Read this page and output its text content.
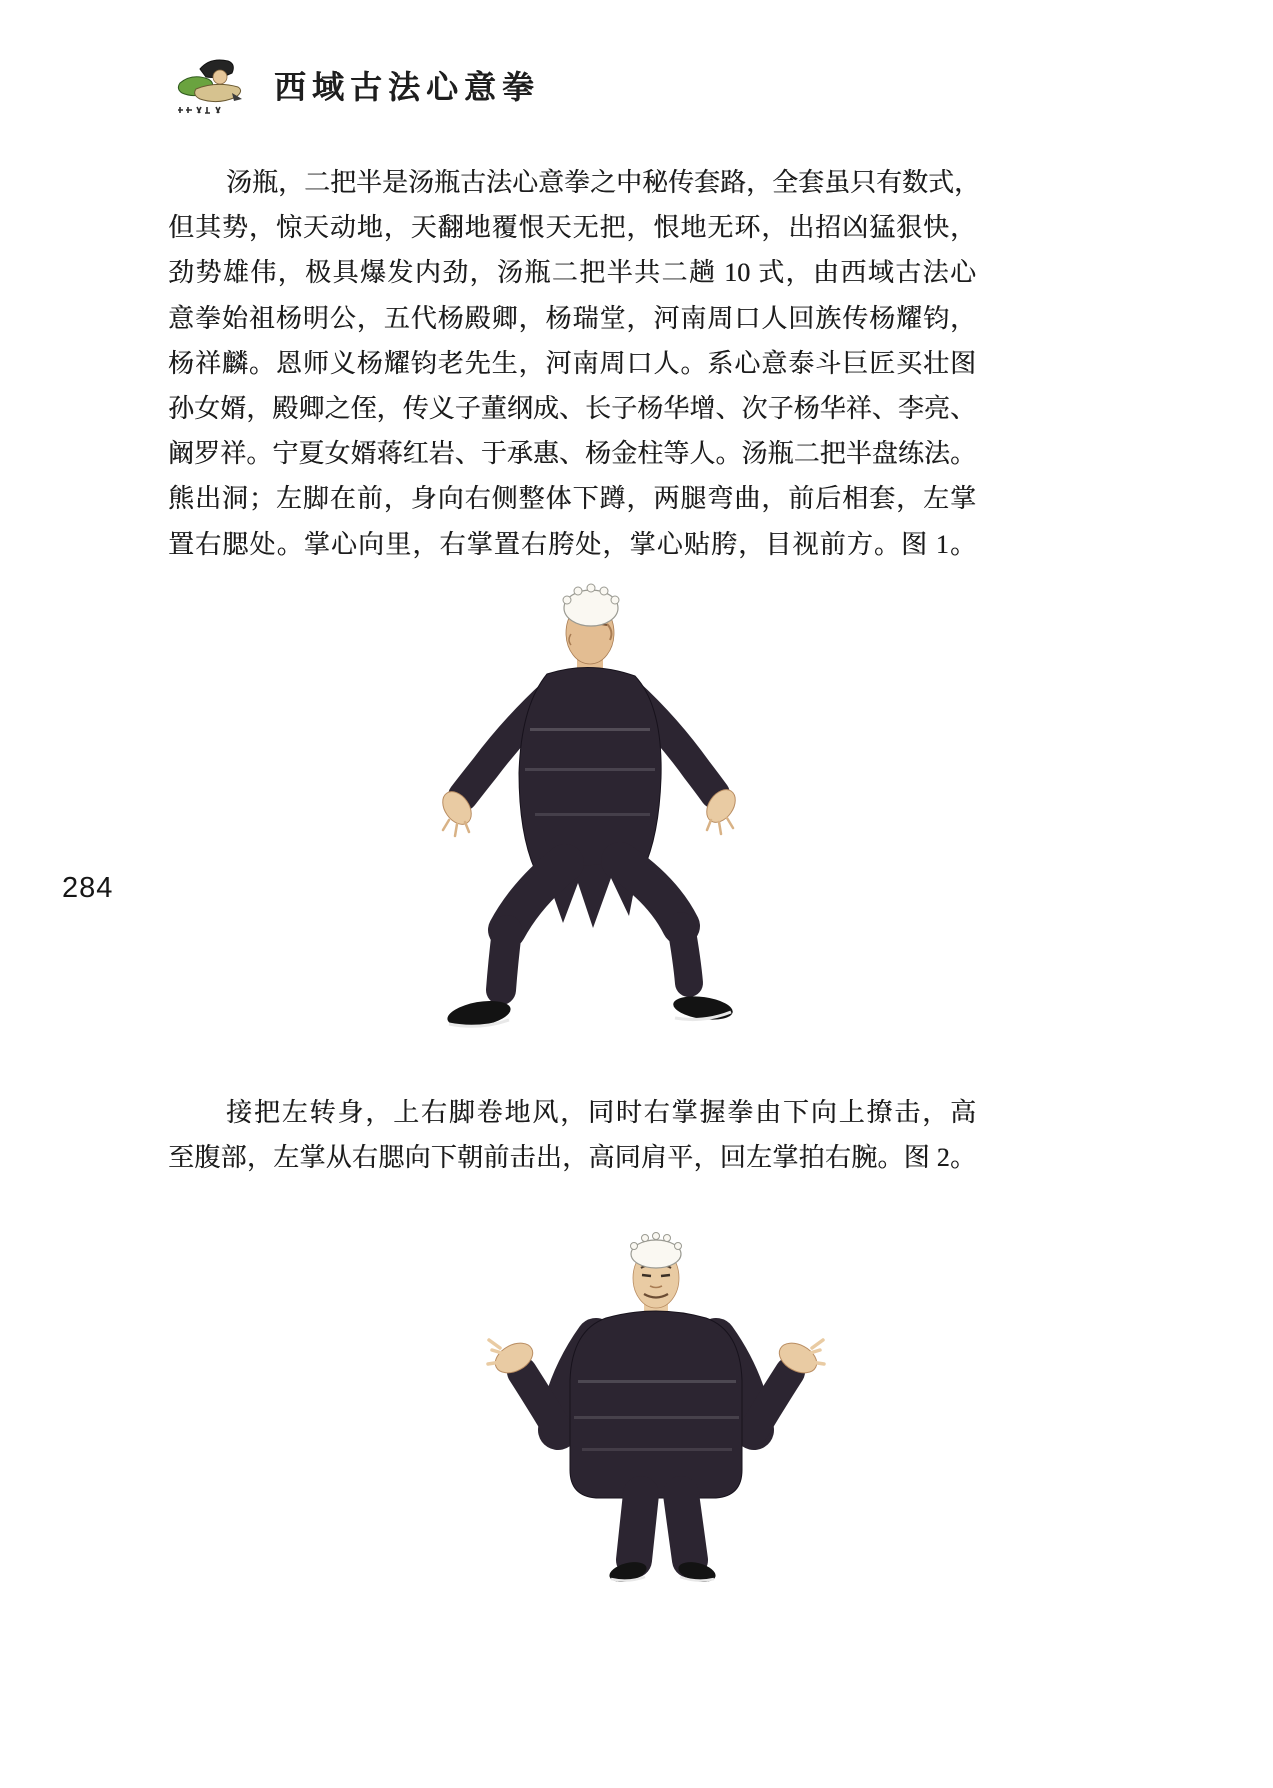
西域古法心意拳

汤瓶，二把半是汤瓶古法心意拳之中秘传套路，全套虽只有数式，

但其势，惊天动地，天翻地覆恨天无把，恨地无环，出招凶猛狠快，

劲势雄伟，极具爆发内劲，汤瓶二把半共二趟 10 式，由西域古法心

意拳始祖杨明公，五代杨殿卿，杨瑞堂，河南周口人回族传杨耀钧，

杨祥麟。恩师义杨耀钧老先生，河南周口人。系心意泰斗巨匠买壮图

孙女婿，殿卿之侄，传义子董纲成、长子杨华增、次子杨华祥、李亮、

阚罗祥。宁夏女婿蒋红岩、于承惠、杨金柱等人。汤瓶二把半盘练法。

熊出洞；左脚在前，身向右侧整体下蹲，两腿弯曲，前后相套，左掌

置右腮处。掌心向里，右掌置右胯处，掌心贴胯，目视前方。图 1。

284

接把左转身，上右脚卷地风，同时右掌握拳由下向上撩击，高

至腹部，左掌从右腮向下朝前击出，高同肩平，回左掌拍右腕。图 2。
